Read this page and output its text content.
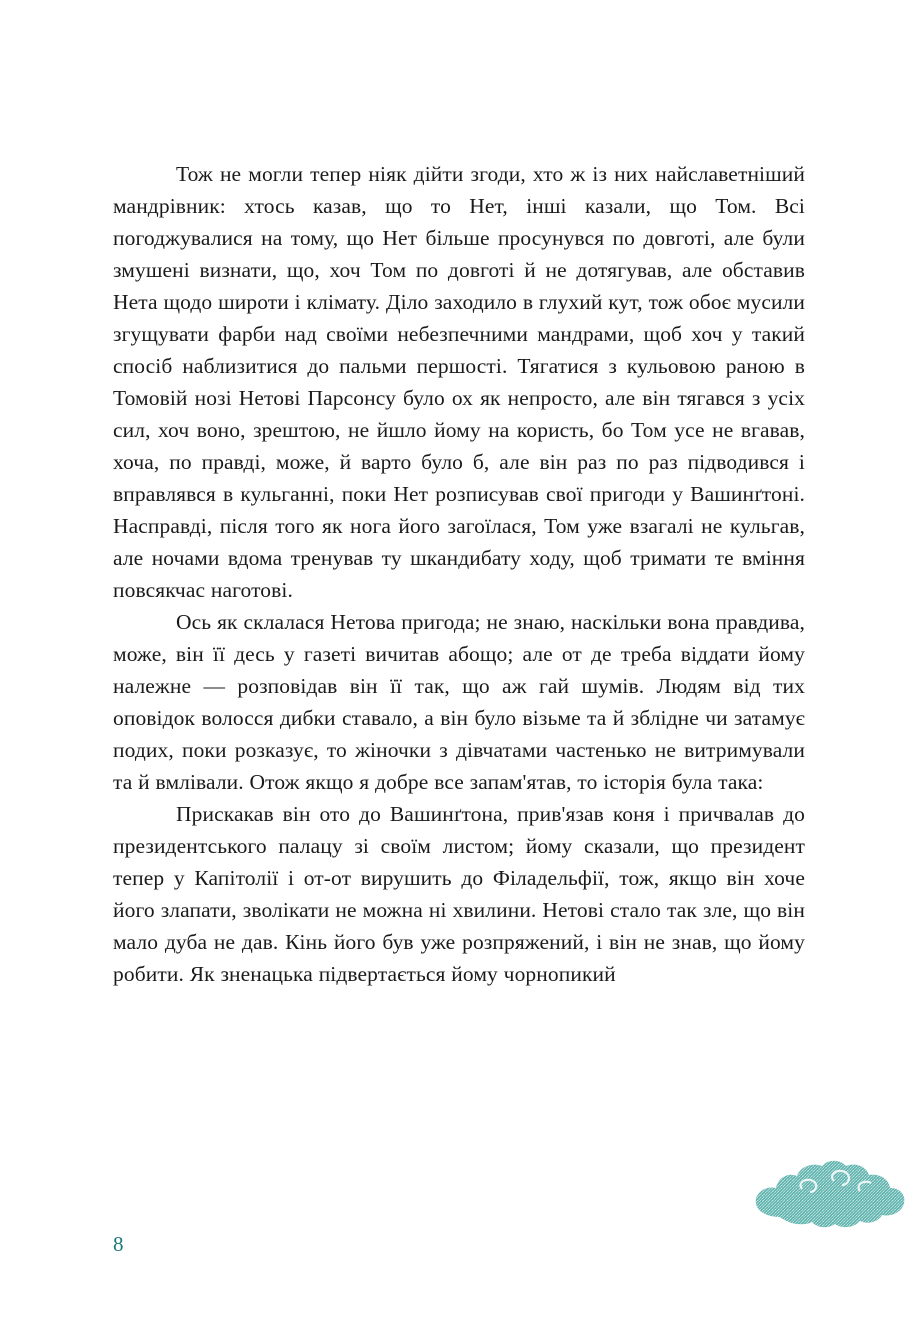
Тож не могли тепер ніяк дійти згоди, хто ж із них найславетніший мандрівник: хтось казав, що то Нет, інші казали, що Том. Всі погоджувалися на тому, що Нет більше просунувся по довготі, але були змушені визнати, що, хоч Том по довготі й не дотягував, але обставив Нета щодо широти і клімату. Діло заходило в глухий кут, тож обоє мусили згущувати фарби над своїми небезпечними мандрами, щоб хоч у такий спосіб наблизитися до пальми першості. Тягатися з кульовою раною в Томовій нозі Нетові Парсонсу було ох як непросто, але він тягався з усіх сил, хоч воно, зрештою, не йшло йому на користь, бо Том усе не вгавав, хоча, по правді, може, й варто було б, але він раз по раз підводився і вправлявся в кульганні, поки Нет розписував свої пригоди у Вашинґтоні. Насправді, після того як нога його загоїлася, Том уже взагалі не кульгав, але ночами вдома тренував ту шкандибату ходу, щоб тримати те вміння повсякчас наготові.

Ось як склалася Нетова пригода; не знаю, наскільки вона правдива, може, він її десь у газеті вичитав абощо; але от де треба віддати йому належне — розповідав він її так, що аж гай шумів. Людям від тих оповідок волосся дибки ставало, а він було візьме та й зблідне чи затамує подих, поки розказує, то жіночки з дівчатами частенько не витримували та й вмлівали. Отож якщо я добре все запам'ятав, то історія була така:

Прискакав він ото до Вашинґтона, прив'язав коня і причвалав до президентського палацу зі своїм листом; йому сказали, що президент тепер у Капітолії і от-от вирушить до Філадельфії, тож, якщо він хоче його злапати, зволікати не можна ні хвилини. Нетові стало так зле, що він мало дуба не дав. Кінь його був уже розпряжений, і він не знав, що йому робити. Як зненацька підвертається йому чорнопикий

8
